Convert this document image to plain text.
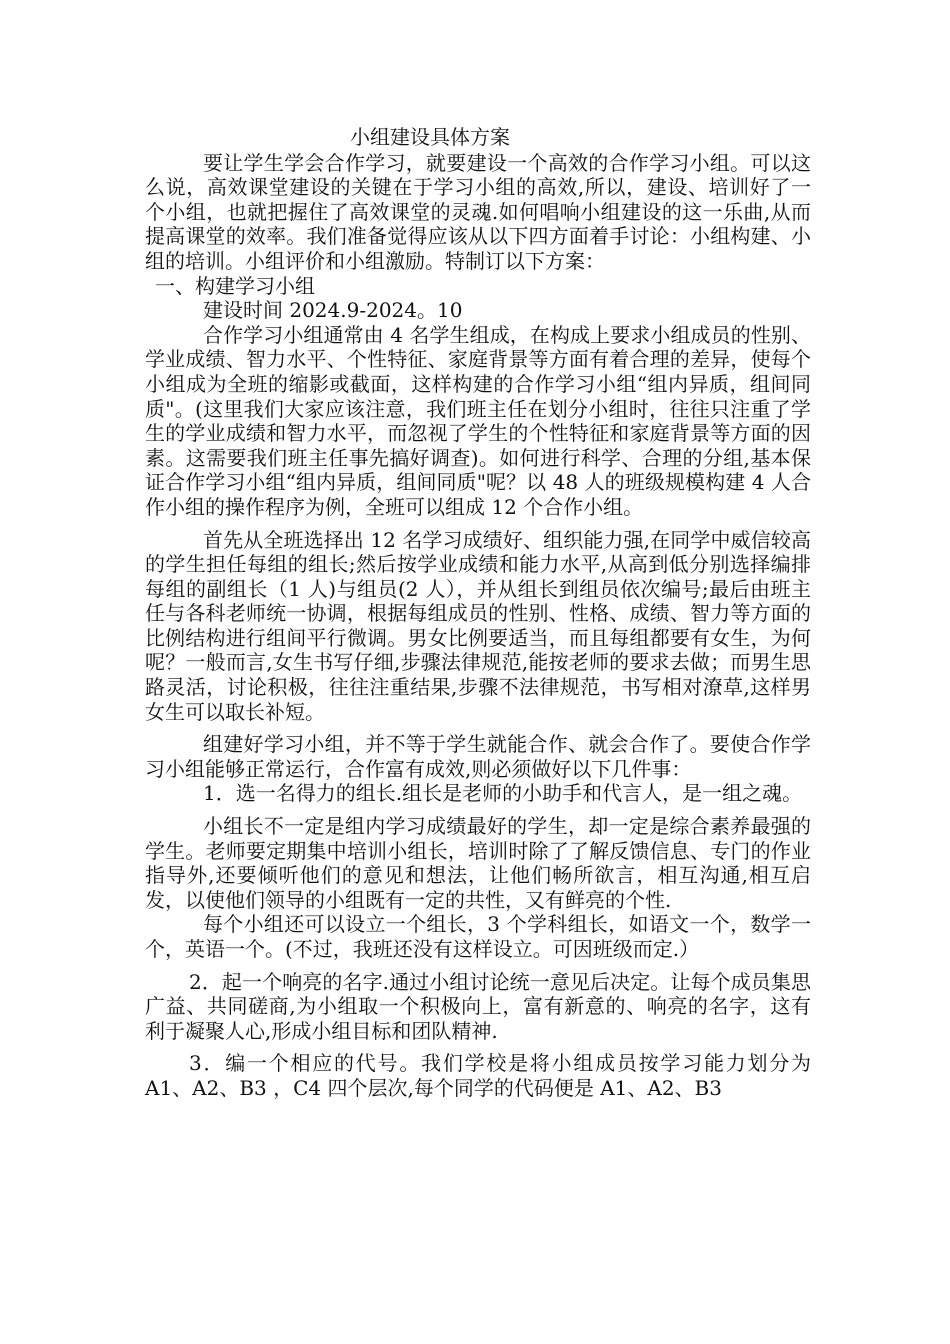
小组建设具体方案

要让学生学会合作学习，就要建设一个高效的合作学习小组。可以这么说，高效课堂建设的关键在于学习小组的高效,所以，建设、培训好了一个小组，也就把握住了高效课堂的灵魂.如何唱响小组建设的这一乐曲,从而提高课堂的效率。我们准备觉得应该从以下四方面着手讨论：小组构建、小组的培训。小组评价和小组激励。特制订以下方案：

一、构建学习小组

建设时间 2024.9-2024。10

合作学习小组通常由 4 名学生组成，在构成上要求小组成员的性别、学业成绩、智力水平、个性特征、家庭背景等方面有着合理的差异，使每个小组成为全班的缩影或截面，这样构建的合作学习小组“组内异质，组间同质"。(这里我们大家应该注意，我们班主任在划分小组时，往往只注重了学生的学业成绩和智力水平，而忽视了学生的个性特征和家庭背景等方面的因素。这需要我们班主任事先搞好调查)。如何进行科学、合理的分组,基本保证合作学习小组“组内异质，组间同质"呢？以 48 人的班级规模构建 4 人合作小组的操作程序为例，全班可以组成 12 个合作小组。

首先从全班选择出 12 名学习成绩好、组织能力强,在同学中威信较高的学生担任每组的组长;然后按学业成绩和能力水平,从高到低分别选择编排每组的副组长（1 人)与组员(2 人），并从组长到组员依次编号;最后由班主任与各科老师统一协调，根据每组成员的性别、性格、成绩、智力等方面的比例结构进行组间平行微调。男女比例要适当，而且每组都要有女生，为何呢？一般而言,女生书写仔细,步骤法律规范,能按老师的要求去做；而男生思路灵活，讨论积极，往往注重结果,步骤不法律规范，书写相对潦草,这样男女生可以取长补短。

组建好学习小组，并不等于学生就能合作、就会合作了。要使合作学习小组能够正常运行，合作富有成效,则必须做好以下几件事：

1．选一名得力的组长.组长是老师的小助手和代言人，是一组之魂。

小组长不一定是组内学习成绩最好的学生，却一定是综合素养最强的学生。老师要定期集中培训小组长，培训时除了了解反馈信息、专门的作业指导外,还要倾听他们的意见和想法，让他们畅所欲言，相互沟通,相互启发，以使他们领导的小组既有一定的共性，又有鲜亮的个性.

每个小组还可以设立一个组长，3 个学科组长，如语文一个，数学一个，英语一个。(不过，我班还没有这样设立。可因班级而定.）

2．起一个响亮的名字.通过小组讨论统一意见后决定。让每个成员集思广益、共同磋商,为小组取一个积极向上，富有新意的、响亮的名字，这有利于凝聚人心,形成小组目标和团队精神.

3．编一个相应的代号。我们学校是将小组成员按学习能力划分为 A1、A2、B3 ，C4 四个层次,每个同学的代码便是 A1、A2、B3
